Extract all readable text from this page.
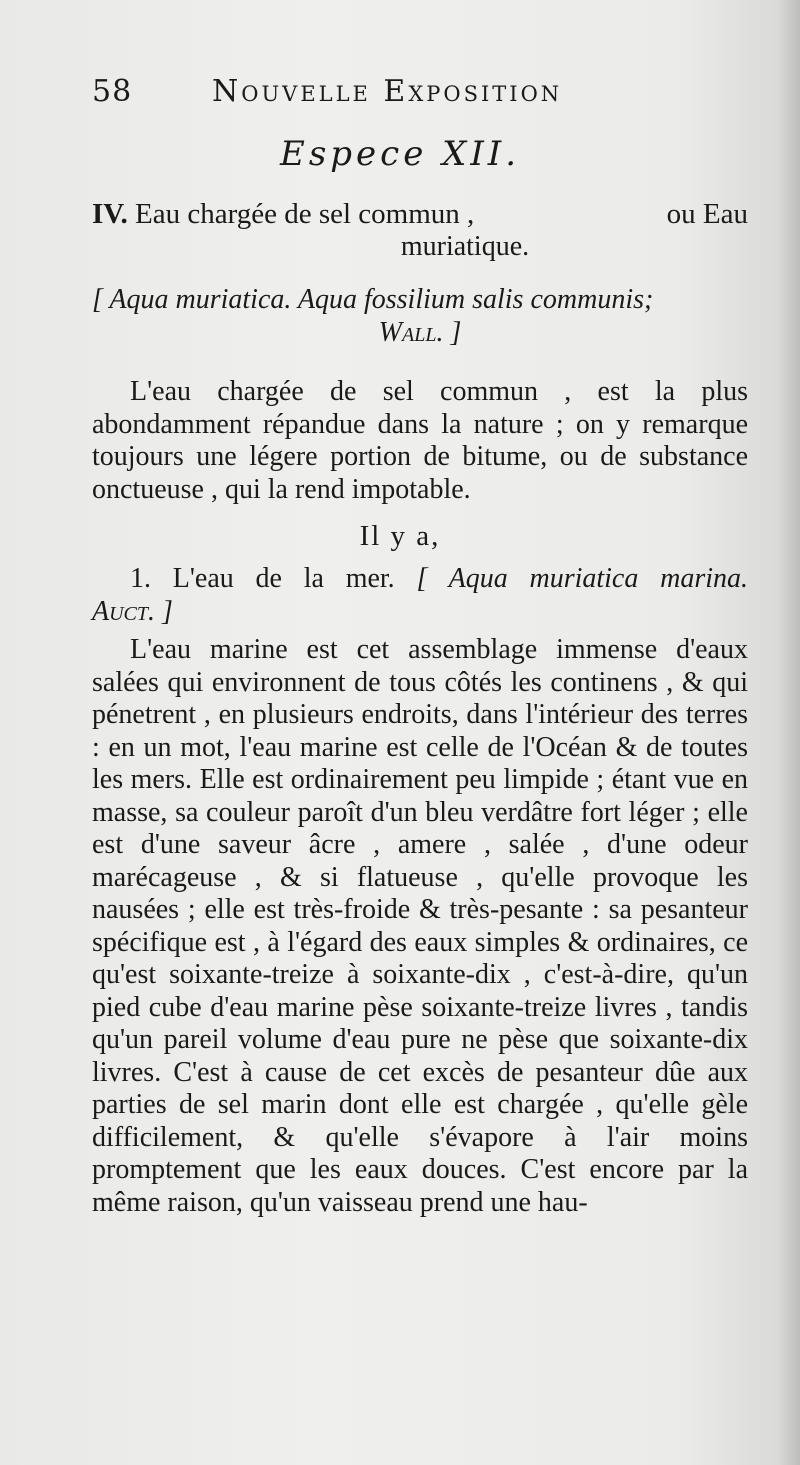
58	Nouvelle Exposition
Espece XII.
IV. Eau chargée de sel commun ,	ou Eau
muriatique.
[ Aqua muriatica. Aqua fossilium salis communis;
Wall. ]
L'eau chargée de sel commun , est la plus abondamment répandue dans la nature ; on y remarque toujours une légere portion de bitume, ou de substance onctueuse , qui la rend impotable.
Il y a,
1. L'eau de la mer. [ Aqua muriatica marina.
Auct. ]
L'eau marine est cet assemblage immense d'eaux salées qui environnent de tous côtés les continens , & qui pénetrent , en plusieurs endroits, dans l'intérieur des terres : en un mot, l'eau marine est celle de l'Océan & de toutes les mers. Elle est ordinairement peu limpide ; étant vue en masse, sa couleur paroît d'un bleu verdâtre fort léger ; elle est d'une saveur âcre , amere , salée , d'une odeur marécageuse , & si flatueuse , qu'elle provoque les nausées ; elle est très-froide & très-pesante : sa pesanteur spécifique est , à l'égard des eaux simples & ordinaires, ce qu'est soixante-treize à soixante-dix , c'est-à-dire, qu'un pied cube d'eau marine pèse soixante-treize livres , tandis qu'un pareil volume d'eau pure ne pèse que soixante-dix livres. C'est à cause de cet excès de pesanteur dûe aux parties de sel marin dont elle est chargée , qu'elle gèle difficilement, & qu'elle s'évapore à l'air moins promptement que les eaux douces. C'est encore par la même raison, qu'un vaisseau prend une hau-
